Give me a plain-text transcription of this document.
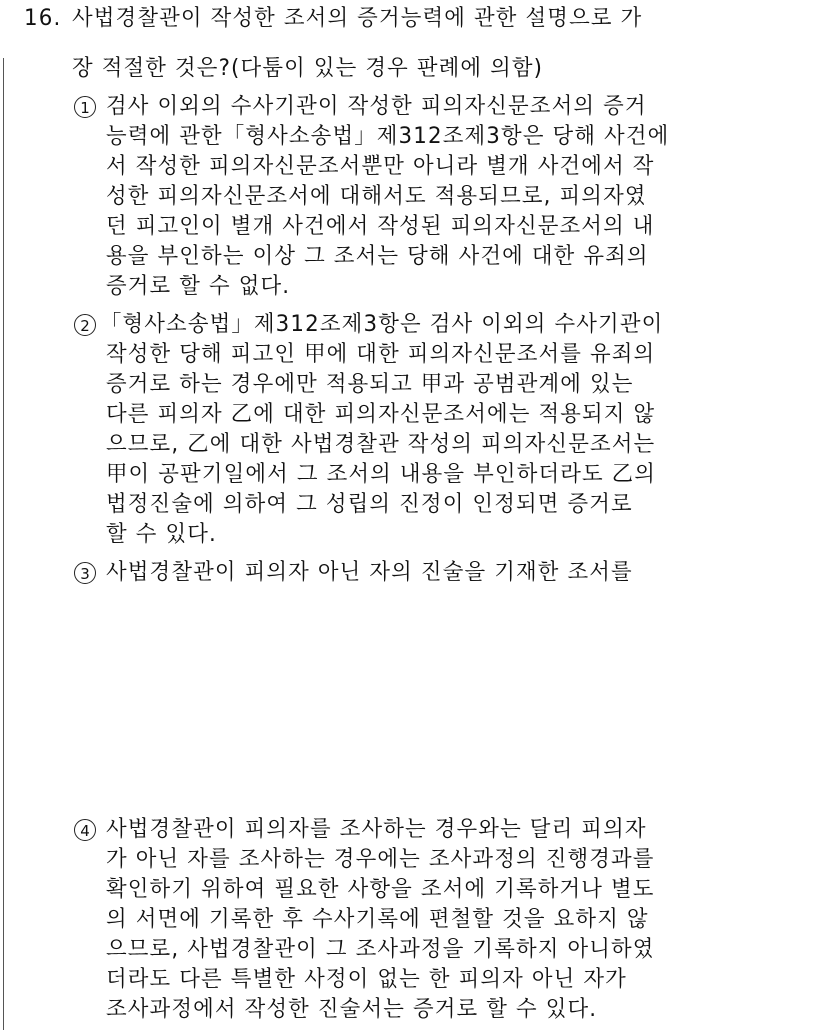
16. 사법경찰관이 작성한 조서의 증거능력에 관한 설명으로 가
장 적절한 것은?(다툼이 있는 경우 판례에 의함)
1 검사 이외의 수사기관이 작성한 피의자신문조서의 증거
능력에 관한「형사소송법」제312조제3항은 당해 사건에
서 작성한 피의자신문조서뿐만 아니라 별개 사건에서 작
성한 피의자신문조서에 대해서도 적용되므로, 피의자였
던 피고인이 별개 사건에서 작성된 피의자신문조서의 내
용을 부인하는 이상 그 조서는 당해 사건에 대한 유죄의
증거로 할 수 없다.
2 「형사소송법」제312조제3항은 검사 이외의 수사기관이
작성한 당해 피고인 甲에 대한 피의자신문조서를 유죄의
증거로 하는 경우에만 적용되고 甲과 공범관계에 있는
다른 피의자 乙에 대한 피의자신문조서에는 적용되지 않
으므로, 乙에 대한 사법경찰관 작성의 피의자신문조서는
甲이 공판기일에서 그 조서의 내용을 부인하더라도 乙의
법정진술에 의하여 그 성립의 진정이 인정되면 증거로
할 수 있다.
3 사법경찰관이 피의자 아닌 자의 진술을 기재한 조서를
4 사법경찰관이 피의자를 조사하는 경우와는 달리 피의자
가 아닌 자를 조사하는 경우에는 조사과정의 진행경과를
확인하기 위하여 필요한 사항을 조서에 기록하거나 별도
의 서면에 기록한 후 수사기록에 편철할 것을 요하지 않
으므로, 사법경찰관이 그 조사과정을 기록하지 아니하였
더라도 다른 특별한 사정이 없는 한 피의자 아닌 자가
조사과정에서 작성한 진술서는 증거로 할 수 있다.
